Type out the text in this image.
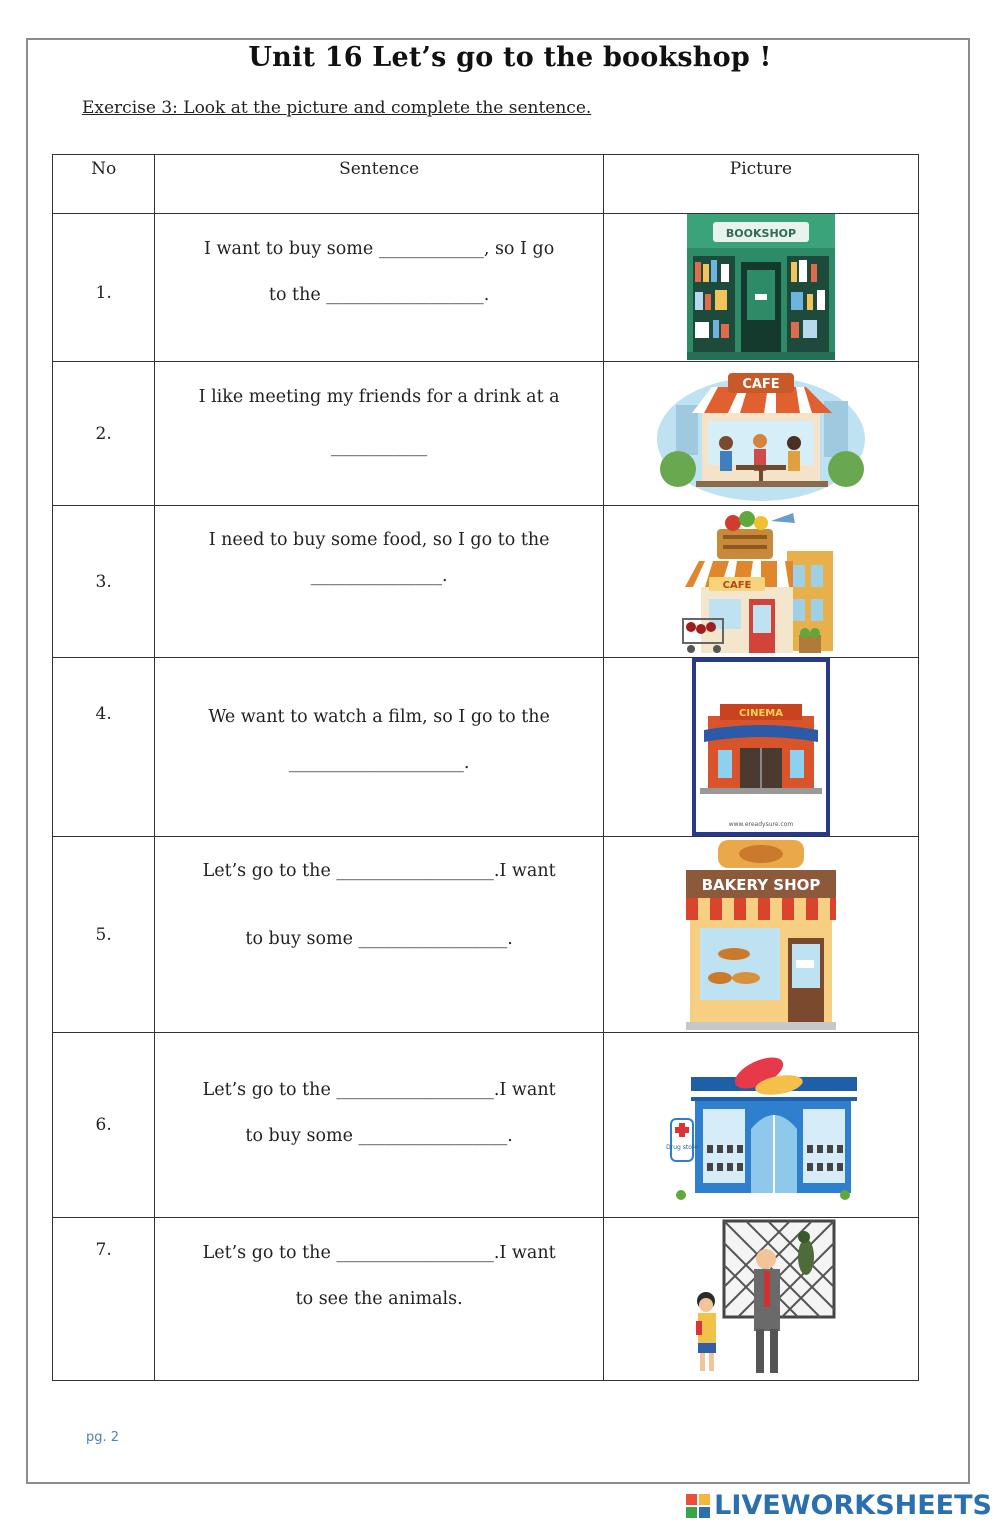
Unit 16 Let’s go to the bookshop !
Exercise 3: Look at the picture and complete the sentence.
No	Sentence	Picture
1.	I want to buy some ____________, so I go
to the __________________.	BOOKSHOP

2.	I like meeting my friends for a drink at a
___________	CAFE

3.	I need to buy some food, so I go to the
_______________.	CAFE

4.	We want to watch a film, so I go to the
____________________.	CINEMA
www.ereadysure.com

5.	Let’s go to the __________________.I want
to buy some _________________.	BAKERY SHOP

6.	Let’s go to the __________________.I want
to buy some _________________.	Drug store

7.	Let’s go to the __________________.I want
to see the animals.

pg. 2
LIVEWORKSHEETS
